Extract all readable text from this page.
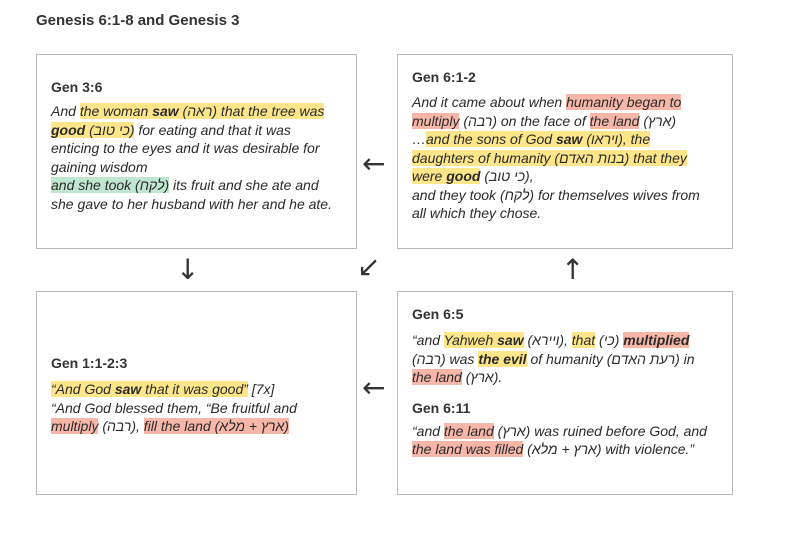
Genesis 6:1-8 and Genesis 3
Gen 3:6
And the woman saw (ראה) that the tree was good (כי טוב) for eating and that it was enticing to the eyes and it was desirable for gaining wisdom
and she took (לקח) its fruit and she ate and she gave to her husband with her and he ate.
Gen 6:1-2
And it came about when humanity began to multiply (רבה) on the face of the land (ארץ)
…and the sons of God saw (ויראו), the daughters of humanity (בנות האדם) that they were good (כי טוב),
and they took (לקח) for themselves wives from all which they chose.
Gen 1:1-2:3
“And God saw that it was good” [7x]
“And God blessed them, “Be fruitful and multiply (רבה), fill the land (ארץ + מלא)
Gen 6:5
“and Yahweh saw (ויירא), that (כי) multiplied (רבה) was the evil of humanity (רעת האדם) in the land (ארץ).
Gen 6:11
“and the land (ארץ) was ruined before God, and the land was filled (ארץ + מלא) with violence.”
←
↓	↙	↑
←
